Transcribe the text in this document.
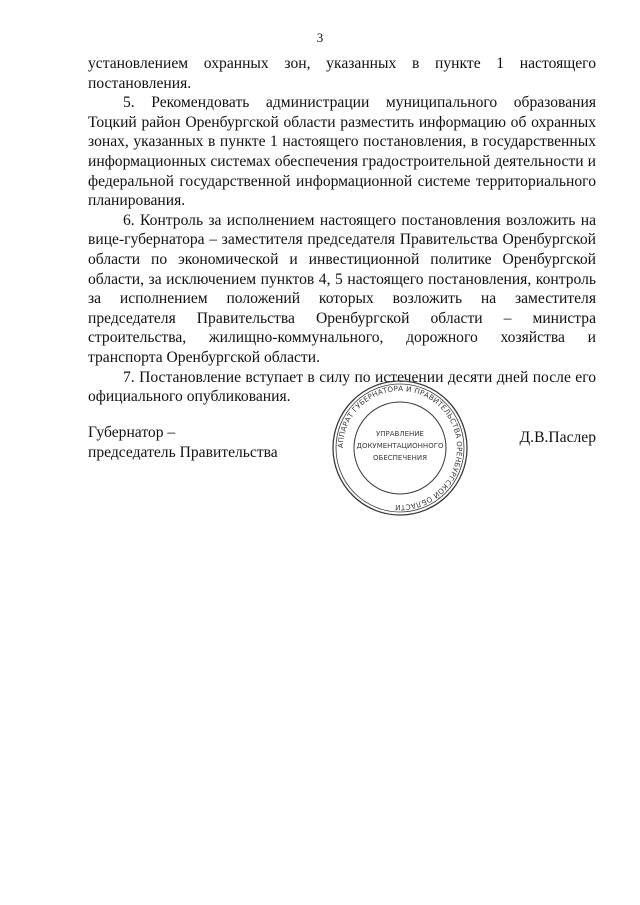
3

установлением охранных зон, указанных в пункте 1 настоящего постановления.

5. Рекомендовать администрации муниципального образования Тоцкий район Оренбургской области разместить информацию об охранных зонах, указанных в пункте 1 настоящего постановления, в государственных информационных системах обеспечения градостроительной деятельности и федеральной государственной информационной системе территориального планирования.

6. Контроль за исполнением настоящего постановления возложить на вице-губернатора – заместителя председателя Правительства Оренбургской области по экономической и инвестиционной политике Оренбургской области, за исключением пунктов 4, 5 настоящего постановления, контроль за исполнением положений которых возложить на заместителя председателя Правительства Оренбургской области – министра строительства, жилищно-коммунального, дорожного хозяйства и транспорта Оренбургской области.

7. Постановление вступает в силу по истечении десяти дней после его официального опубликования.

Губернатор –
председатель Правительства	АППАРАТ ГУБЕРНАТОРА И ПРАВИТЕЛЬСТВА ОРЕНБУРГСКОЙ ОБЛАСТИ
УПРАВЛЕНИЕ
ДОКУМЕНТАЦИОННОГО
ОБЕСПЕЧЕНИЯ
Д.В.Паслер
